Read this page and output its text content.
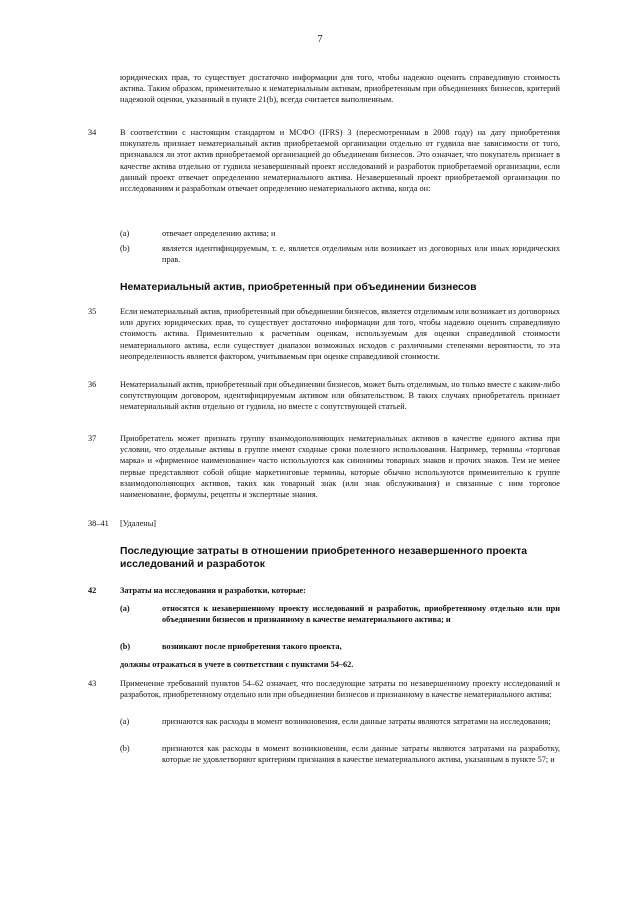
7
юридических прав, то существует достаточно информации для того, чтобы надежно оценить справедливую стоимость актива. Таким образом, применительно к нематериальным активам, приобретенным при объединениях бизнесов, критерий надежной оценки, указанный в пункте 21(b), всегда считается выполненным.
34	В соответствии с настоящим стандартом и МСФО (IFRS) 3 (пересмотренным в 2008 году) на дату приобретения покупатель признает нематериальный актив приобретаемой организации отдельно от гудвила вне зависимости от того, признавался ли этот актив приобретаемой организацией до объединения бизнесов. Это означает, что покупатель признает в качестве актива отдельно от гудвила незавершенный проект исследований и разработок приобретаемой организации, если данный проект отвечает определению нематериального актива. Незавершенный проект приобретаемой организации по исследованиям и разработкам отвечает определению нематериального актива, когда он:
(a)	отвечает определению актива; и
(b)	является идентифицируемым, т. е. является отделимым или возникает из договорных или иных юридических прав.
Нематериальный актив, приобретенный при объединении бизнесов
35	Если нематериальный актив, приобретенный при объединении бизнесов, является отделимым или возникает из договорных или других юридических прав, то существует достаточно информации для того, чтобы надежно оценить справедливую стоимость актива. Применительно к расчетным оценкам, используемым для оценки справедливой стоимости нематериального актива, если существует диапазон возможных исходов с различными степенями вероятности, то эта неопределенность является фактором, учитываемым при оценке справедливой стоимости.
36	Нематериальный актив, приобретенный при объединении бизнесов, может быть отделимым, но только вместе с каким-либо сопутствующим договором, идентифицируемым активом или обязательством. В таких случаях приобретатель признает нематериальный актив отдельно от гудвила, но вместе с сопутствующей статьей.
37	Приобретатель может признать группу взаимодополняющих нематериальных активов в качестве единого актива при условии, что отдельные активы в группе имеют сходные сроки полезного использования. Например, термины «торговая марка» и «фирменное наименование» часто используются как синонимы товарных знаков и прочих знаков. Тем не менее первые представляют собой общие маркетинговые термины, которые обычно используются применительно к группе взаимодополняющих активов, таких как товарный знак (или знак обслуживания) и связанные с ним торговое наименование, формулы, рецепты и экспертные знания.
38–41	[Удалены]
Последующие затраты в отношении приобретенного незавершенного проекта исследований и разработок
42	Затраты на исследования и разработки, которые:
(a)	относятся к незавершенному проекту исследований и разработок, приобретенному отдельно или при объединении бизнесов и признанному в качестве нематериального актива; и
(b)	возникают после приобретения такого проекта,
должны отражаться в учете в соответствии с пунктами 54–62.
43	Применение требований пунктов 54–62 означает, что последующие затраты по незавершенному проекту исследований и разработок, приобретенному отдельно или при объединении бизнесов и признанному в качестве нематериального актива:
(a)	признаются как расходы в момент возникновения, если данные затраты являются затратами на исследования;
(b)	признаются как расходы в момент возникновения, если данные затраты являются затратами на разработку, которые не удовлетворяют критериям признания в качестве нематериального актива, указанным в пункте 57; и
